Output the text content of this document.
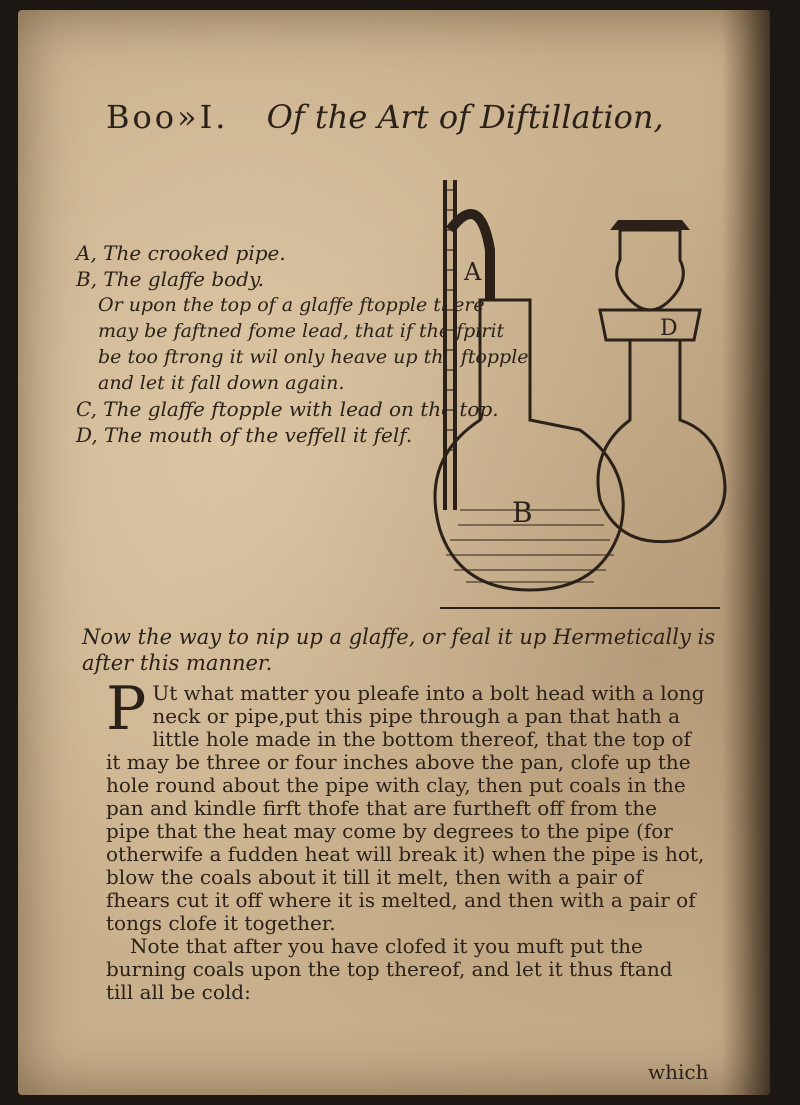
Boo»I. Of the Art of Diftillation,
A, The crooked pipe.
B, The glaffe body.
Or upon the top of a glaffe ftopple there
may be faftned fome lead, that if the fpirit
be too ftrong it wil only heave up the ftopple
and let it fall down again.
C, The glaffe ftopple with lead on the top.
D, The mouth of the veffell it felf.
A
D
B
Now the way to nip up a glaffe, or feal it up Hermetically is after this manner.

P Ut what matter you pleafe into a bolt head with a long neck or pipe,put this pipe through a pan that hath a little hole made in the bottom thereof, that the top of it may be three or four inches above the pan, clofe up the hole round about the pipe with clay, then put coals in the pan and kindle firft thofe that are furtheft off from the pipe that the heat may come by degrees to the pipe (for otherwife a fudden heat will break it) when the pipe is hot, blow the coals about it till it melt, then with a pair of fhears cut it off where it is melted, and then with a pair of tongs clofe it together.

Note that after you have clofed it you muft put the burning coals upon the top thereof, and let it thus ftand till all be cold:

which
